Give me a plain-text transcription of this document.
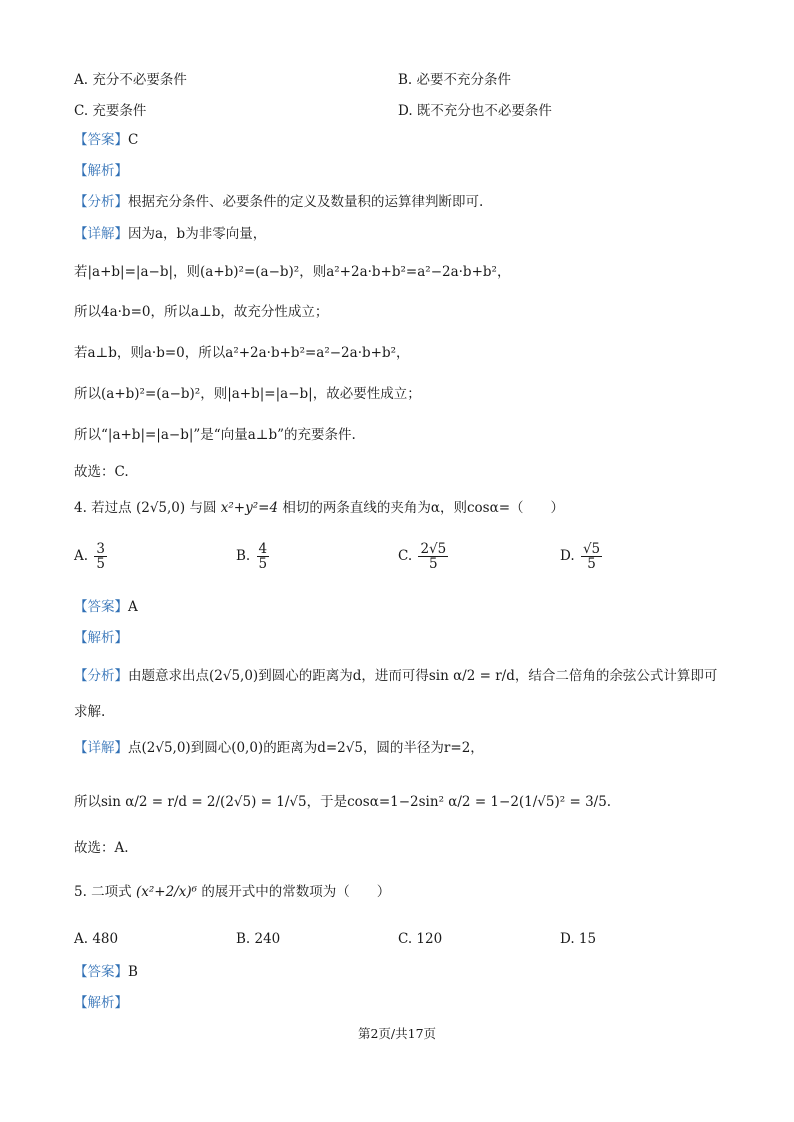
A. 充分不必要条件	B. 必要不充分条件
C. 充要条件	D. 既不充分也不必要条件
【答案】C
【解析】
【分析】根据充分条件、必要条件的定义及数量积的运算律判断即可.
【详解】因为a，b为非零向量，
若|a+b|=|a−b|，则(a+b)²=(a−b)²，则a²+2a·b+b²=a²−2a·b+b²，
所以4a·b=0，所以a⊥b，故充分性成立；
若a⊥b，则a·b=0，所以a²+2a·b+b²=a²−2a·b+b²，
所以(a+b)²=(a−b)²，则|a+b|=|a−b|，故必要性成立；
所以“|a+b|=|a−b|”是“向量a⊥b”的充要条件.
故选：C.
4. 若过点 (2√5,0) 与圆 x²+y²=4 相切的两条直线的夹角为α，则cosα=（　　）
A. $\frac{3}{5}$	B. $\frac{4}{5}$	C. $\frac{2√5}{5}$	D. $\frac{√5}{5}$
【答案】A
【解析】
【分析】由题意求出点(2√5,0)到圆心的距离为d，进而可得sin α/2 = r/d，结合二倍角的余弦公式计算即可
求解.
【详解】点(2√5,0)到圆心(0,0)的距离为d=2√5，圆的半径为r=2，
所以sin α/2 = r/d = 2/(2√5) = 1/√5，于是cosα=1−2sin² α/2 = 1−2(1/√5)² = 3/5.
故选：A.
5. 二项式 (x²+2/x)⁶ 的展开式中的常数项为（　　）
A. 480	B. 240	C. 120	D. 15
【答案】B
【解析】
第2页/共17页
